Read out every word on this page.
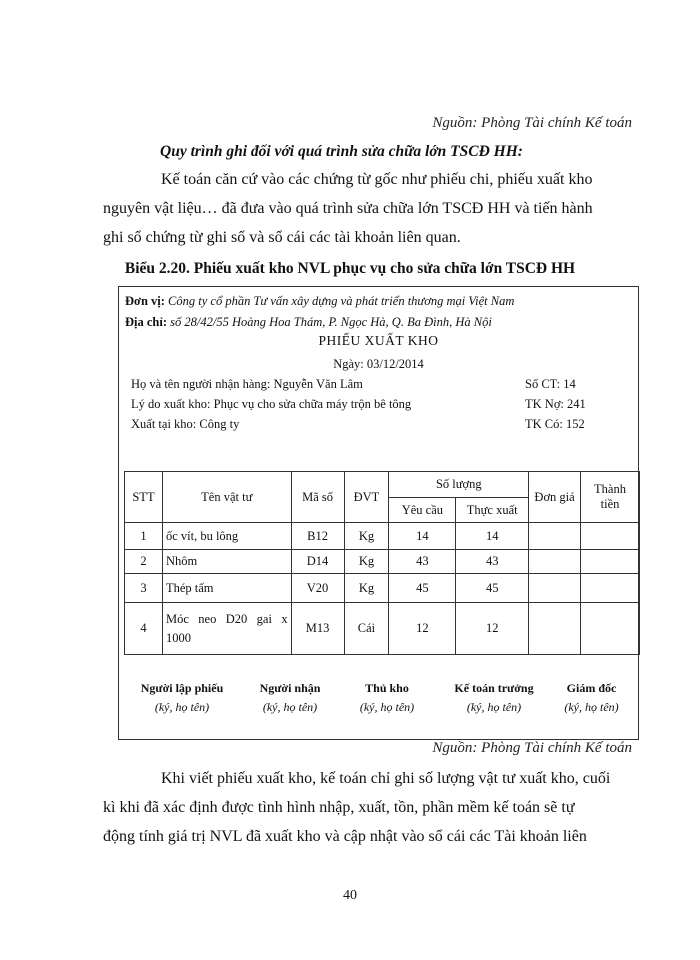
Nguồn: Phòng Tài chính Kế toán
Quy trình ghi đối với quá trình sửa chữa lớn TSCĐ HH:
Kế toán căn cứ vào các chứng từ gốc như phiếu chi, phiếu xuất kho
nguyên vật liệu… đã đưa vào quá trình sửa chữa lớn TSCĐ HH và tiến hành
ghi sổ chứng từ ghi sổ và sổ cái các tài khoản liên quan.
Biểu 2.20. Phiếu xuất kho NVL phục vụ cho sửa chữa lớn TSCĐ HH
Đơn vị: Công ty cổ phần Tư vấn xây dựng và phát triển thương mại Việt Nam
Địa chỉ: số 28/42/55 Hoàng Hoa Thám, P. Ngọc Hà, Q. Ba Đình, Hà Nội
PHIẾU XUẤT KHO
Ngày: 03/12/2014
Họ và tên người nhận hàng: Nguyễn Văn Lâm
Lý do xuất kho: Phục vụ cho sửa chữa máy trộn bê tông
Xuất tại kho: Công ty
Số CT: 14
TK Nợ: 241
TK Có: 152
STT	Tên vật tư	Mã số	ĐVT	Số lượng		Đơn giá	Thành tiền
				Yêu cầu	Thực xuất		
1	ốc vít, bu lông	B12	Kg	14	14		
2	Nhôm	D14	Kg	43	43		
3	Thép tấm	V20	Kg	45	45		
4	Móc neo D20 gai x 1000	M13	Cái	12	12		
Người lập phiếu
(ký, họ tên)
Người nhận
(ký, họ tên)
Thủ kho
(ký, họ tên)
Kế toán trưởng
(ký, họ tên)
Giám đốc
(ký, họ tên)
Nguồn: Phòng Tài chính Kế toán
Khi viết phiếu xuất kho, kế toán chỉ ghi số lượng vật tư xuất kho, cuối
kì khi đã xác định được tình hình nhập, xuất, tồn, phần mềm kế toán sẽ tự
động tính giá trị NVL đã xuất kho và cập nhật vào sổ cái các Tài khoản liên
40
